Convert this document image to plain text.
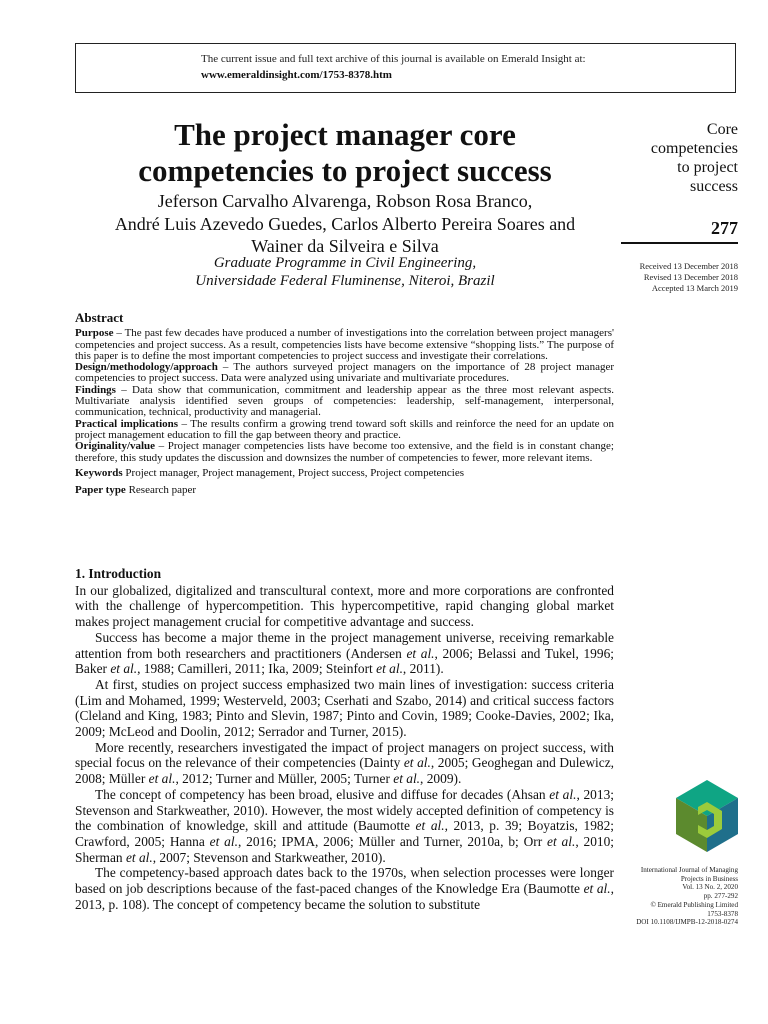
The current issue and full text archive of this journal is available on Emerald Insight at:
www.emeraldinsight.com/1753-8378.htm
The project manager core
competencies to project success
Jeferson Carvalho Alvarenga, Robson Rosa Branco,
André Luis Azevedo Guedes, Carlos Alberto Pereira Soares and
Wainer da Silveira e Silva
Graduate Programme in Civil Engineering,
Universidade Federal Fluminense, Niteroi, Brazil
Core
competencies
to project
success
277
Received 13 December 2018
Revised 13 December 2018
Accepted 13 March 2019
Abstract

Purpose – The past few decades have produced a number of investigations into the correlation between project managers' competencies and project success. As a result, competencies lists have become extensive “shopping lists.” The purpose of this paper is to define the most important competencies to project success and investigate their correlations.

Design/methodology/approach – The authors surveyed project managers on the importance of 28 project manager competencies to project success. Data were analyzed using univariate and multivariate procedures.

Findings – Data show that communication, commitment and leadership appear as the three most relevant aspects. Multivariate analysis identified seven groups of competencies: leadership, self-management, interpersonal, communication, technical, productivity and managerial.

Practical implications – The results confirm a growing trend toward soft skills and reinforce the need for an update on project management education to fill the gap between theory and practice.

Originality/value – Project manager competencies lists have become too extensive, and the field is in constant change; therefore, this study updates the discussion and downsizes the number of competencies to fewer, more relevant items.

Keywords Project manager, Project management, Project success, Project competencies

Paper type Research paper

1. Introduction

In our globalized, digitalized and transcultural context, more and more corporations are confronted with the challenge of hypercompetition. This hypercompetitive, rapid changing global market makes project management crucial for competitive advantage and success.

Success has become a major theme in the project management universe, receiving remarkable attention from both researchers and practitioners (Andersen et al., 2006; Belassi and Tukel, 1996; Baker et al., 1988; Camilleri, 2011; Ika, 2009; Steinfort et al., 2011).

At first, studies on project success emphasized two main lines of investigation: success criteria (Lim and Mohamed, 1999; Westerveld, 2003; Cserhati and Szabo, 2014) and critical success factors (Cleland and King, 1983; Pinto and Slevin, 1987; Pinto and Covin, 1989; Cooke-Davies, 2002; Ika, 2009; McLeod and Doolin, 2012; Serrador and Turner, 2015).

More recently, researchers investigated the impact of project managers on project success, with special focus on the relevance of their competencies (Dainty et al., 2005; Geoghegan and Dulewicz, 2008; Müller et al., 2012; Turner and Müller, 2005; Turner et al., 2009).

The concept of competency has been broad, elusive and diffuse for decades (Ahsan et al., 2013; Stevenson and Starkweather, 2010). However, the most widely accepted definition of competency is the combination of knowledge, skill and attitude (Baumotte et al., 2013, p. 39; Boyatzis, 1982; Crawford, 2005; Hanna et al., 2016; IPMA, 2006; Müller and Turner, 2010a, b; Orr et al., 2010; Sherman et al., 2007; Stevenson and Starkweather, 2010).

The competency-based approach dates back to the 1970s, when selection processes were longer based on job descriptions because of the fast-paced changes of the Knowledge Era (Baumotte et al., 2013, p. 108). The concept of competency became the solution to substitute

International Journal of Managing
Projects in Business
Vol. 13 No. 2, 2020
pp. 277-292
© Emerald Publishing Limited
1753-8378
DOI 10.1108/IJMPB-12-2018-0274
